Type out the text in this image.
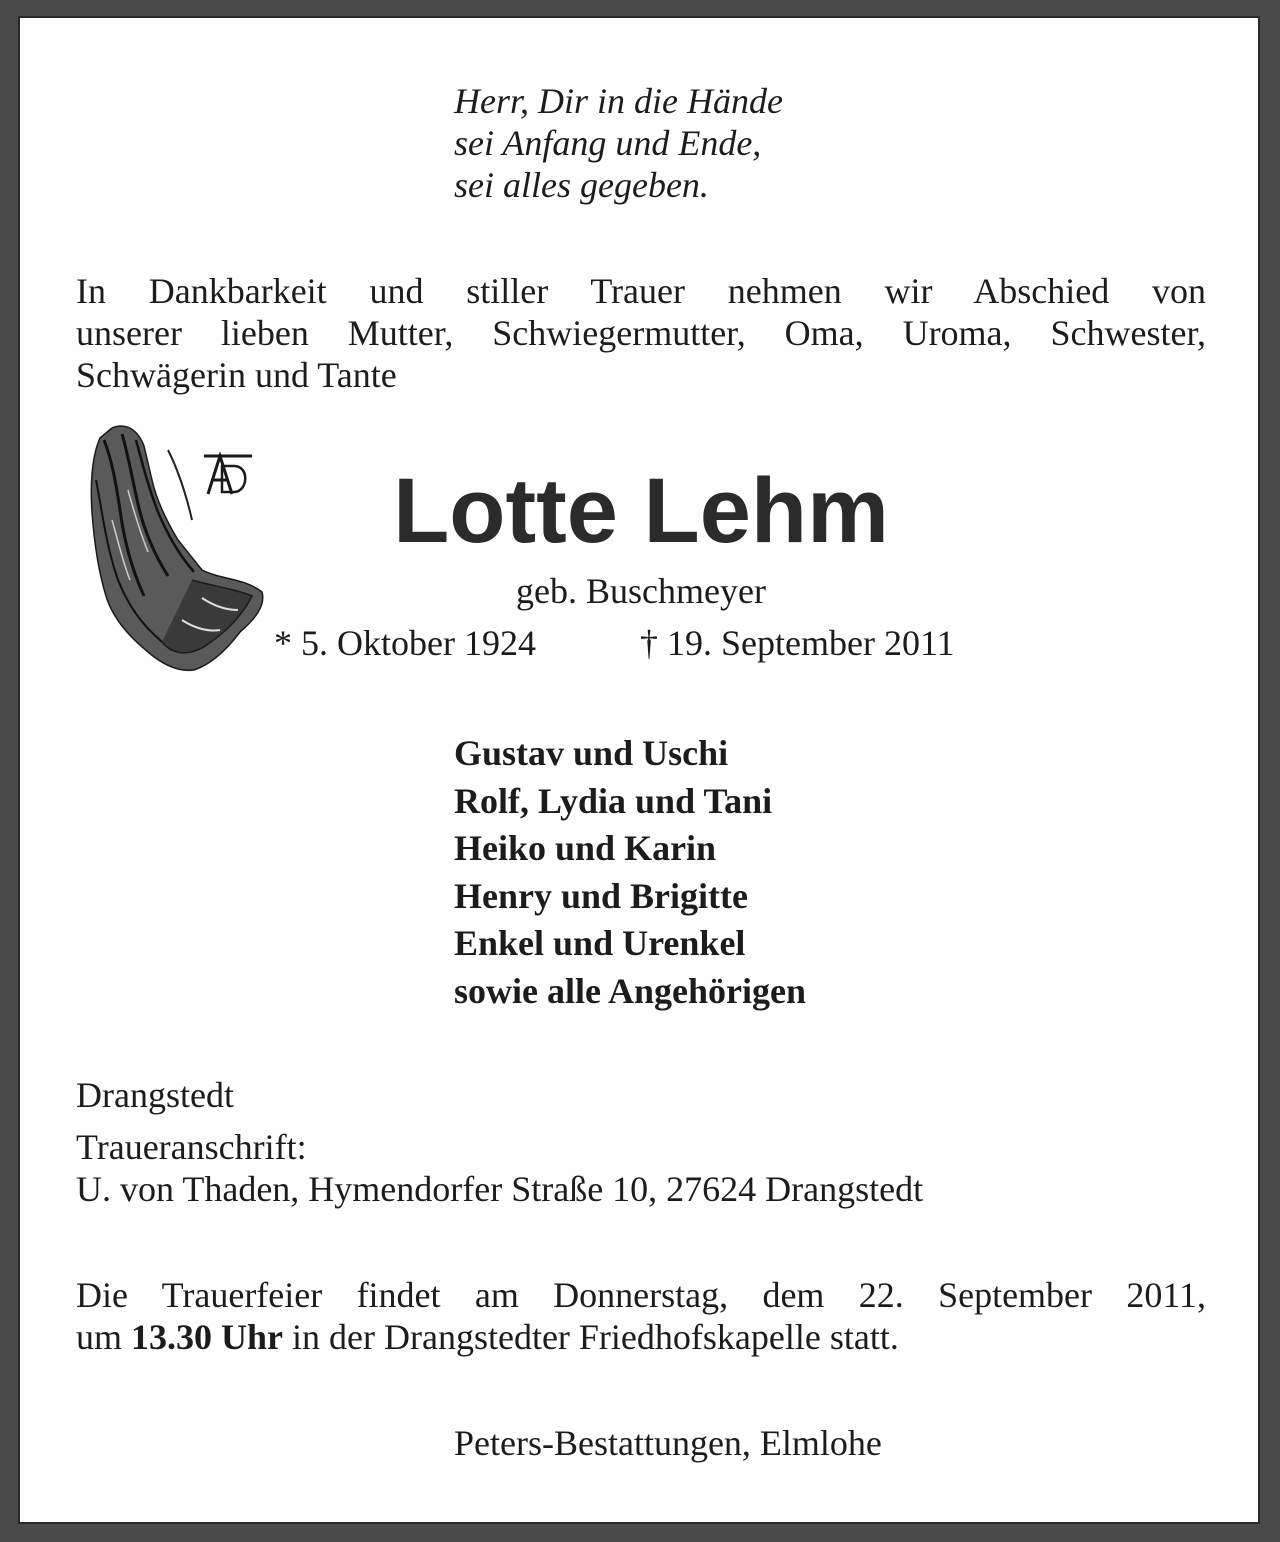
Herr, Dir in die Hände
sei Anfang und Ende,
sei alles gegeben.
In Dankbarkeit und stiller Trauer nehmen wir Abschied von
unserer lieben Mutter, Schwiegermutter, Oma, Uroma, Schwester,
Schwägerin und Tante
Lotte Lehm
geb. Buschmeyer
* 5. Oktober 1924	† 19. September 2011
Gustav und Uschi
Rolf, Lydia und Tani
Heiko und Karin
Henry und Brigitte
Enkel und Urenkel
sowie alle Angehörigen
Drangstedt
Traueranschrift:
U. von Thaden, Hymendorfer Straße 10, 27624 Drangstedt
Die Trauerfeier findet am Donnerstag, dem 22. September 2011,
um 13.30 Uhr in der Drangstedter Friedhofskapelle statt.
Peters-Bestattungen, Elmlohe
